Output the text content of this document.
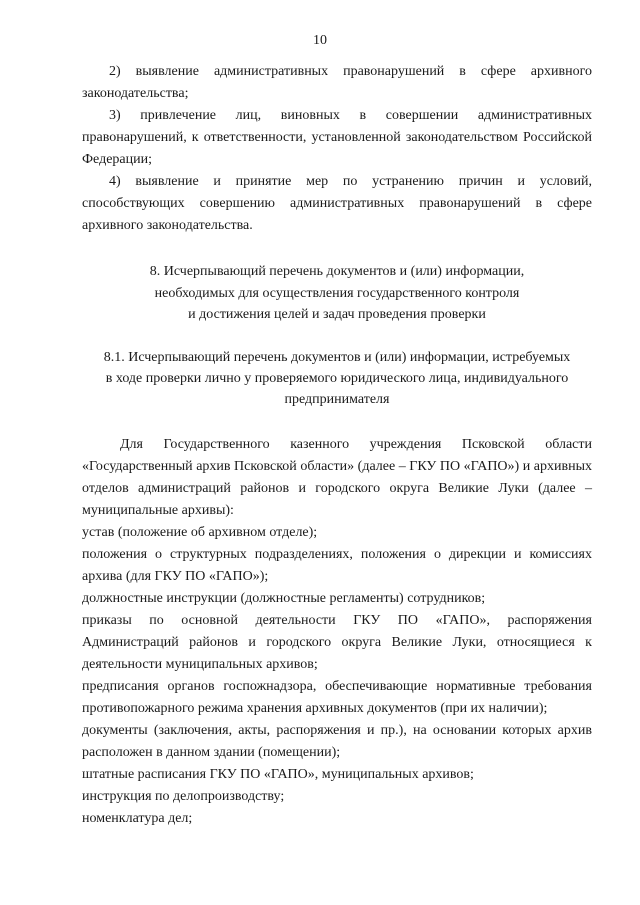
10

2) выявление административных правонарушений в сфере архивного законодательства;

3) привлечение лиц, виновных в совершении административных правонарушений, к ответственности, установленной законодательством Российской Федерации;

4) выявление и принятие мер по устранению причин и условий, способствующих совершению административных правонарушений в сфере архивного законодательства.

8. Исчерпывающий перечень документов и (или) информации,

необходимых для осуществления государственного контроля

и достижения целей и задач проведения проверки

8.1. Исчерпывающий перечень документов и (или) информации, истребуемых

в ходе проверки лично у проверяемого юридического лица, индивидуального

предпринимателя

Для Государственного казенного учреждения Псковской области «Государственный архив Псковской области» (далее – ГКУ ПО «ГАПО») и архивных отделов администраций районов и городского округа Великие Луки (далее – муниципальные архивы):

устав (положение об архивном отделе);

положения о структурных подразделениях, положения о дирекции и комиссиях архива (для ГКУ ПО «ГАПО»);

должностные инструкции (должностные регламенты) сотрудников;

приказы по основной деятельности ГКУ ПО «ГАПО», распоряжения Администраций районов и городского округа Великие Луки, относящиеся к деятельности муниципальных архивов;

предписания органов госпожнадзора, обеспечивающие нормативные требования противопожарного режима хранения архивных документов (при их наличии);

документы (заключения, акты, распоряжения и пр.), на основании которых архив расположен в данном здании (помещении);

штатные расписания ГКУ ПО «ГАПО», муниципальных архивов;

инструкция по делопроизводству;

номенклатура дел;
